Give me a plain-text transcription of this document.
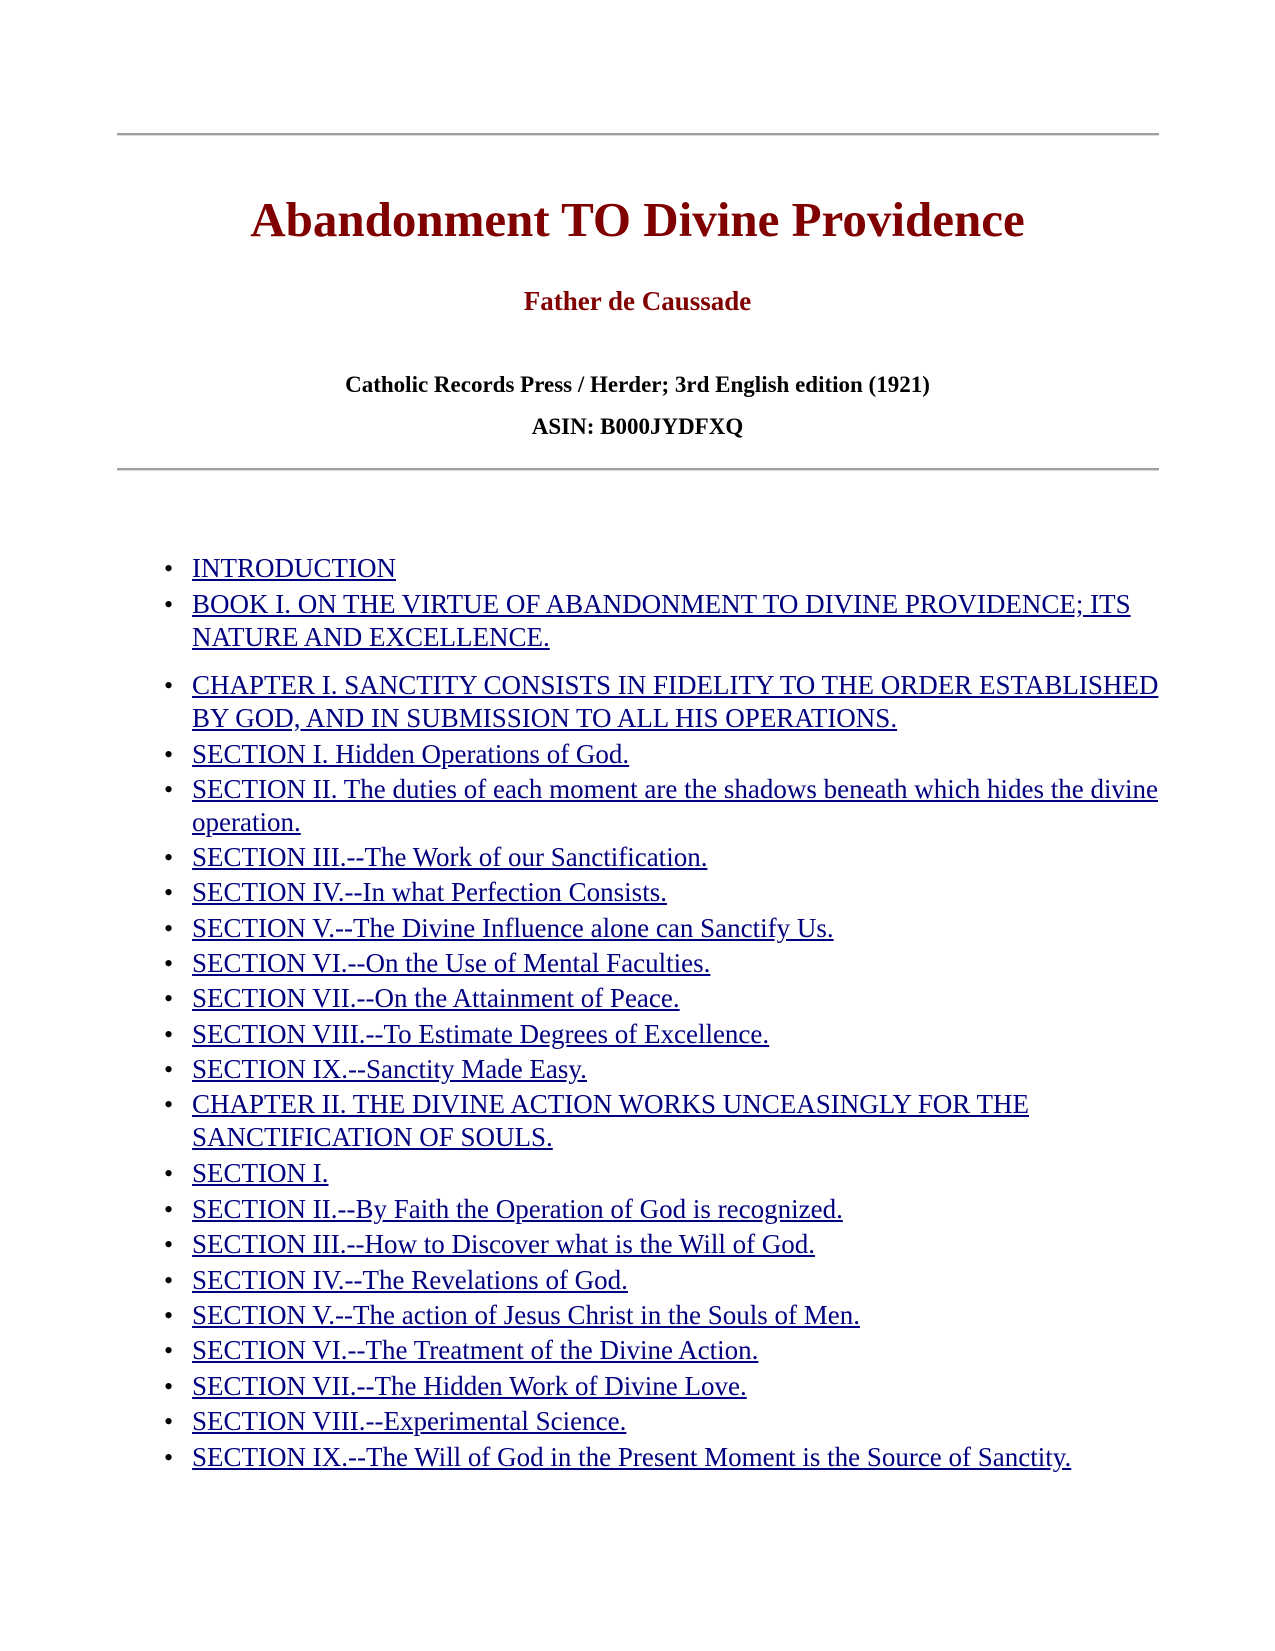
Abandonment TO Divine Providence
Father de Caussade

Catholic Records Press / Herder; 3rd English edition (1921)

ASIN: B000JYDFXQ

• INTRODUCTION
• BOOK I. ON THE VIRTUE OF ABANDONMENT TO DIVINE PROVIDENCE; ITS NATURE AND EXCELLENCE.
• CHAPTER I. SANCTITY CONSISTS IN FIDELITY TO THE ORDER ESTABLISHED BY GOD, AND IN SUBMISSION TO ALL HIS OPERATIONS.
• SECTION I. Hidden Operations of God.
• SECTION II. The duties of each moment are the shadows beneath which hides the divine operation.
• SECTION III.--The Work of our Sanctification.
• SECTION IV.--In what Perfection Consists.
• SECTION V.--The Divine Influence alone can Sanctify Us.
• SECTION VI.--On the Use of Mental Faculties.
• SECTION VII.--On the Attainment of Peace.
• SECTION VIII.--To Estimate Degrees of Excellence.
• SECTION IX.--Sanctity Made Easy.
• CHAPTER II. THE DIVINE ACTION WORKS UNCEASINGLY FOR THE SANCTIFICATION OF SOULS.
• SECTION I.
• SECTION II.--By Faith the Operation of God is recognized.
• SECTION III.--How to Discover what is the Will of God.
• SECTION IV.--The Revelations of God.
• SECTION V.--The action of Jesus Christ in the Souls of Men.
• SECTION VI.--The Treatment of the Divine Action.
• SECTION VII.--The Hidden Work of Divine Love.
• SECTION VIII.--Experimental Science.
• SECTION IX.--The Will of God in the Present Moment is the Source of Sanctity.
